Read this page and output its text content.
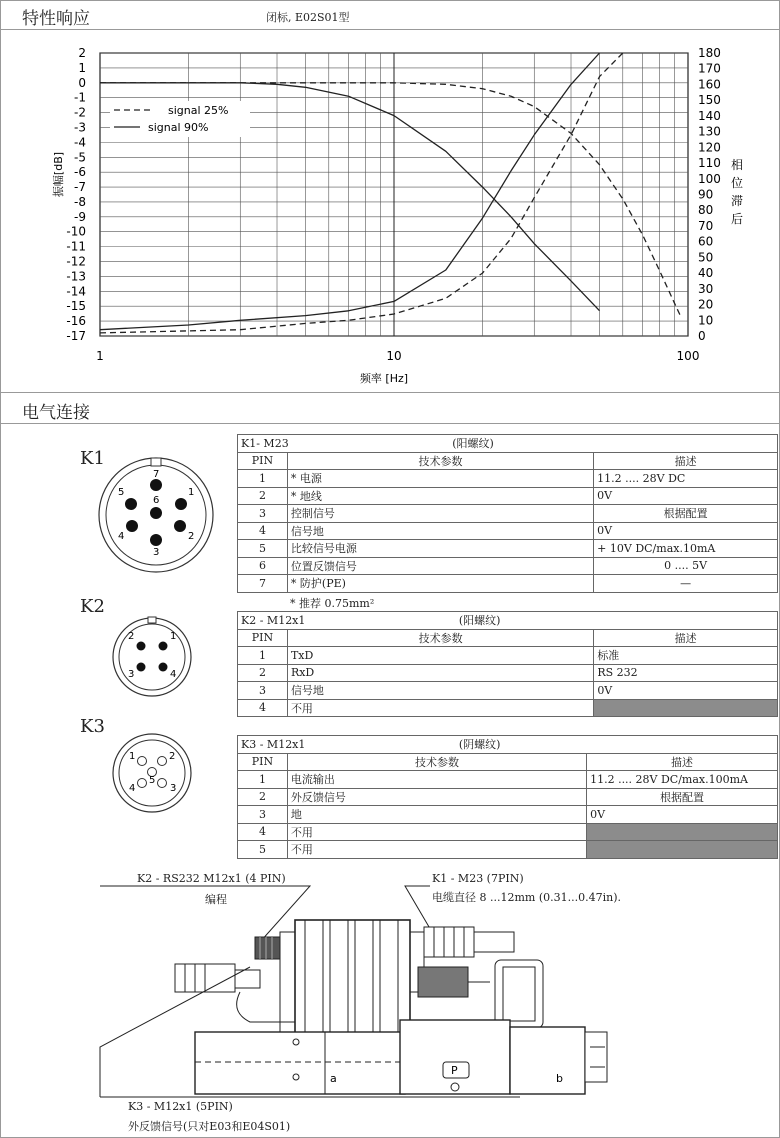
特性响应	闭标, E02S01型
2
1
0
-1
-2
-3
-4
-5
-6
-7
-8
-9
-10
-11
-12
-13
-14
-15
-16
-17
180
170
160
150
140
130
120
110
100
90
80
70
60
50
40
30
20
10
0
1	10	100
频率 [Hz]
振幅[dB]	相
位
滞
后
signal 25%
signal 90%
电气连接
K1
7
1
2
3
4
5
6
K2
1
2
3	4
K3
1	2
3
4
5
K1- M23 (阳螺纹)		
PIN	技术参数	描述
1	* 电源	11.2 .... 28V DC
2	* 地线	0V
3	控制信号	根据配置
4	信号地	0V
5	比较信号电源	+ 10V DC/max.10mA
6	位置反馈信号	0 .... 5V
7	* 防护(PE)	—
* 推荐 0.75mm²
K2 - M12x1 (阳螺纹)		
PIN	技术参数	描述
1	TxD	标准
2	RxD	RS 232
3	信号地	0V
4	不用	
K3 - M12x1 (阴螺纹)		
PIN	技术参数	描述
1	电流输出	11.2 .... 28V DC/max.100mA
2	外反馈信号	根据配置
3	地	0V
4	不用	
5	不用	
K2 - RS232 M12x1 (4 PIN)
编程
K1 - M23 (7PIN)
电缆直径 8 ...12mm (0.31...0.47in).
K3 - M12x1 (5PIN)
外反馈信号(只对E03和E04S01)
a	b
P
